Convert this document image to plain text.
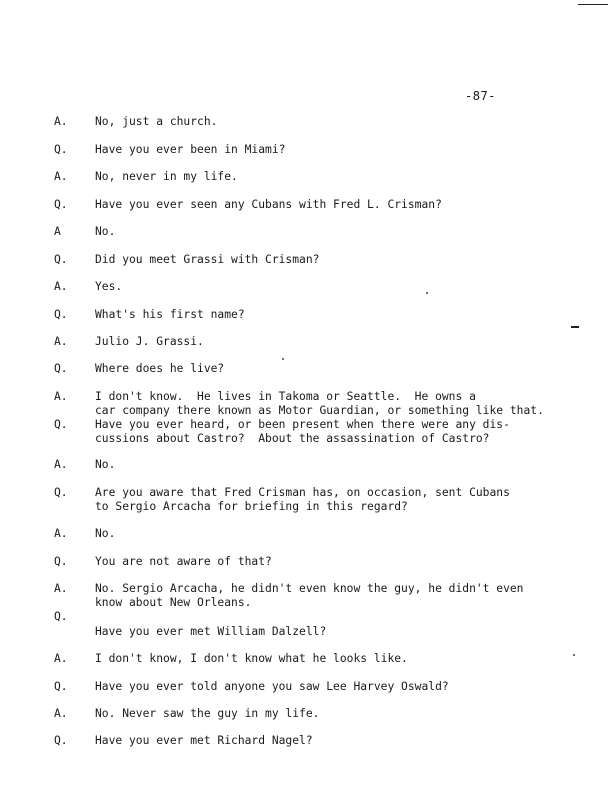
-87-
A. No, just a church.
Q. Have you ever been in Miami?
A. No, never in my life.
Q. Have you ever seen any Cubans with Fred L. Crisman?
A	No.
Q. Did you meet Grassi with Crisman?
A. Yes.
Q. What's his first name?
A. Julio J. Grassi.
Q. Where does he live?
A. I don't know.  He lives in Takoma or Seattle.  He owns a
car company there known as Motor Guardian, or something like that.
Q. Have you ever heard, or been present when there were any dis-
cussions about Castro?  About the assassination of Castro?
A. No.
Q. Are you aware that Fred Crisman has, on occasion, sent Cubans
to Sergio Arcacha for briefing in this regard?
A. No.
Q. You are not aware of that?
A. No. Sergio Arcacha, he didn't even know the guy, he didn't even
know about New Orleans.
Q.
Have you ever met William Dalzell?
A. I don't know, I don't know what he looks like.
Q. Have you ever told anyone you saw Lee Harvey Oswald?
A. No. Never saw the guy in my life.
Q. Have you ever met Richard Nagel?
